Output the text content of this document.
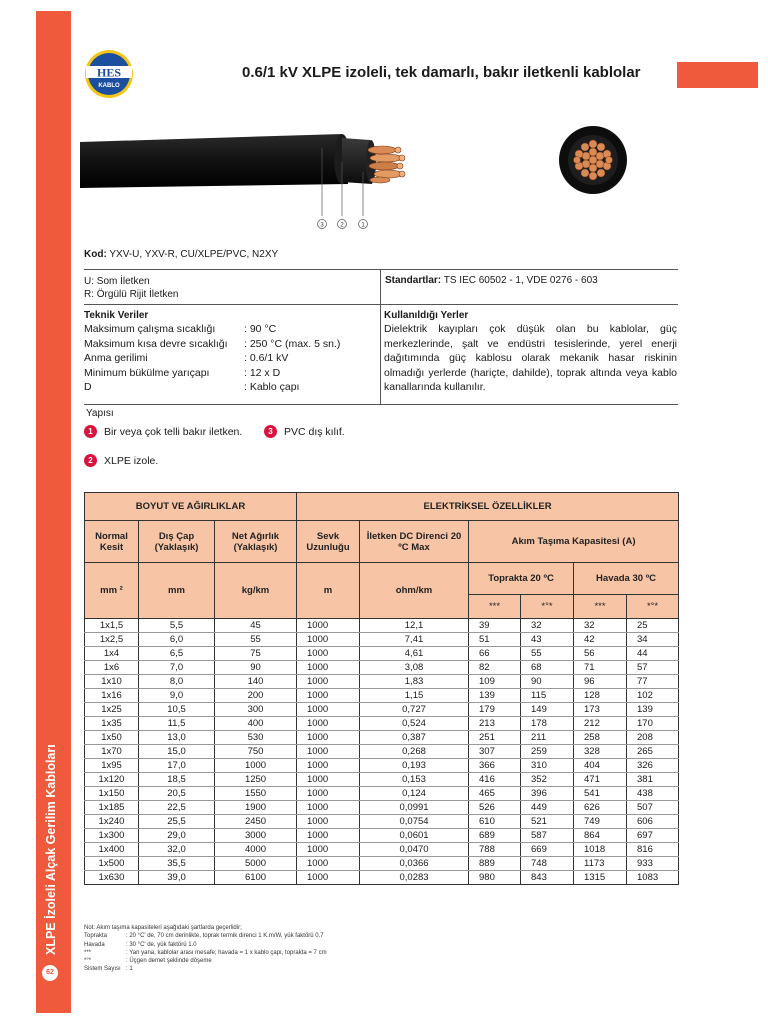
XLPE İzoleli Alçak Gerilim Kabloları
62
HES
KABLO
0.6/1 kV XLPE izoleli, tek damarlı, bakır iletkenli kablolar
3	2	1
Kod: YXV-U, YXV-R, CU/XLPE/PVC, N2XY
U: Som İletken
R: Örgülü Rijit İletken
Standartlar: TS IEC 60502 - 1, VDE 0276 - 603
Teknik Veriler
Maksimum çalışma sıcaklığı	: 90 °C
Maksimum kısa devre sıcaklığı	: 250 °C (max. 5 sn.)
Anma gerilimi	: 0.6/1 kV
Minimum bükülme yarıçapı	: 12 x D
D	: Kablo çapı
Kullanıldığı Yerler
Dielektrik kayıpları çok düşük olan bu kablolar, güç merkezlerinde, şalt ve endüstri tesislerinde, yerel enerji dağıtımında güç kablosu olarak mekanik hasar riskinin olmadığı yerlerde (hariçte, dahilde), toprak altında veya kablo kanallarında kullanılır.
Yapısı
1	Bir veya çok telli bakır iletken.	3	PVC dış kılıf.
2	XLPE izole.
BOYUT VE AĞIRLIKLAR			ELEKTRİKSEL ÖZELLİKLER					
Normal Kesit	Dış Çap (Yaklaşık)	Net Ağırlık (Yaklaşık)	Sevk Uzunluğu	İletken DC Direnci 20 ºC Max	Akım Taşıma Kapasitesi (A)			
mm ²	mm	kg/km	m	ohm/km	Toprakta 20 ºC		Havada 30 ºC	
					***	*°*	***	*°*
1x1,5	5,5	45	1000	12,1	39	32	32	25
1x2,5	6,0	55	1000	7,41	51	43	42	34
1x4	6,5	75	1000	4,61	66	55	56	44
1x6	7,0	90	1000	3,08	82	68	71	57
1x10	8,0	140	1000	1,83	109	90	96	77
1x16	9,0	200	1000	1,15	139	115	128	102
1x25	10,5	300	1000	0,727	179	149	173	139
1x35	11,5	400	1000	0,524	213	178	212	170
1x50	13,0	530	1000	0,387	251	211	258	208
1x70	15,0	750	1000	0,268	307	259	328	265
1x95	17,0	1000	1000	0,193	366	310	404	326
1x120	18,5	1250	1000	0,153	416	352	471	381
1x150	20,5	1550	1000	0,124	465	396	541	438
1x185	22,5	1900	1000	0,0991	526	449	626	507
1x240	25,5	2450	1000	0,0754	610	521	749	606
1x300	29,0	3000	1000	0,0601	689	587	864	697
1x400	32,0	4000	1000	0,0470	788	669	1018	816
1x500	35,5	5000	1000	0,0366	889	748	1173	933
1x630	39,0	6100	1000	0,0283	980	843	1315	1083
Not: Akım taşıma kapasiteleri aşağıdaki şartlarda geçerlidir;
Toprakta	: 20 °C' de, 70 cm derinlikte, toprak termik direnci 1 K.m/W, yük faktörü 0.7
Havada	: 30 °C' de, yük faktörü 1.0
***	: Yan yana, kablolar arası mesafe; havada = 1 x kablo çapı, toprakta = 7 cm
*°*	: Üçgen demet şeklinde döşeme
Sistem Sayısı : 1
